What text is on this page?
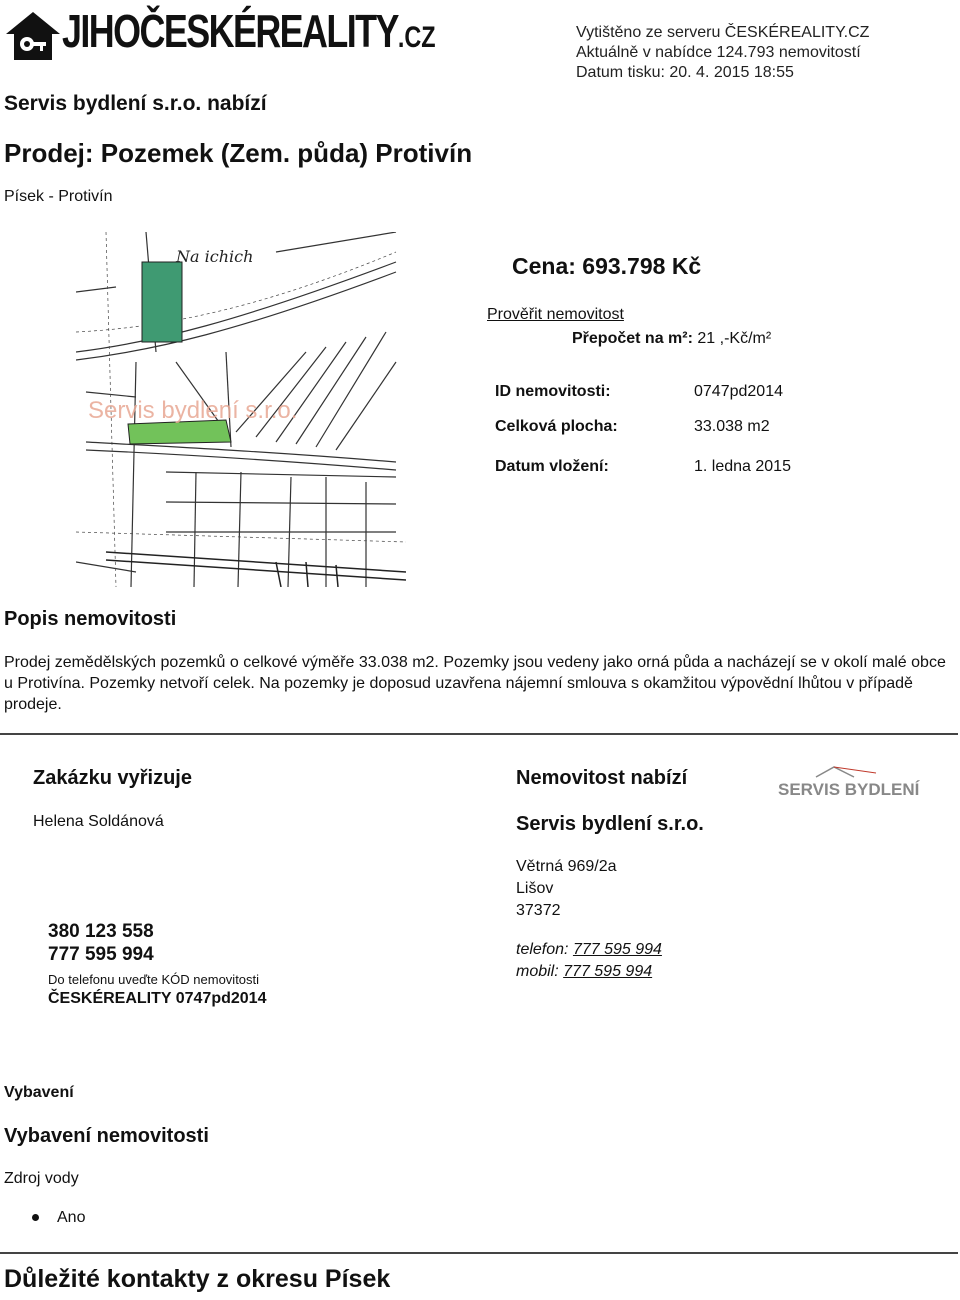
JIHOČESKÉREALITY.CZ	Vytištěno ze serveru ČESKÉREALITY.CZ
Aktuálně v nabídce 124.793 nemovitostí
Datum tisku: 20. 4. 2015 18:55
Servis bydlení s.r.o. nabízí
Prodej: Pozemek (Zem. půda) Protivín
Písek - Protivín
Na ichich
Servis bydlení s.r.o.
Cena: 693.798 Kč
Prověřit nemovitost
Přepočet na m²: 21 ,-Kč/m²
ID nemovitosti:	0747pd2014
Celková plocha:	33.038 m2
Datum vložení:	1. ledna 2015
Popis nemovitosti
Prodej zemědělských pozemků o celkové výměře 33.038 m2. Pozemky jsou vedeny jako orná půda a nacházejí se v okolí malé obce u Protivína. Pozemky netvoří celek. Na pozemky je doposud uzavřena nájemní smlouva s okamžitou výpovědní lhůtou v případě prodeje.
Zakázku vyřizuje
Helena Soldánová
380 123 558
777 595 994
Do telefonu uveďte KÓD nemovitosti
ČESKÉREALITY 0747pd2014
Nemovitost nabízí
Servis bydlení s.r.o.
Větrná 969/2a
Lišov
37372
telefon: 777 595 994
mobil: 777 595 994
SERVIS BYDLENÍ
Vybavení
Vybavení nemovitosti
Zdroj vody
Ano
Důležité kontakty z okresu Písek
